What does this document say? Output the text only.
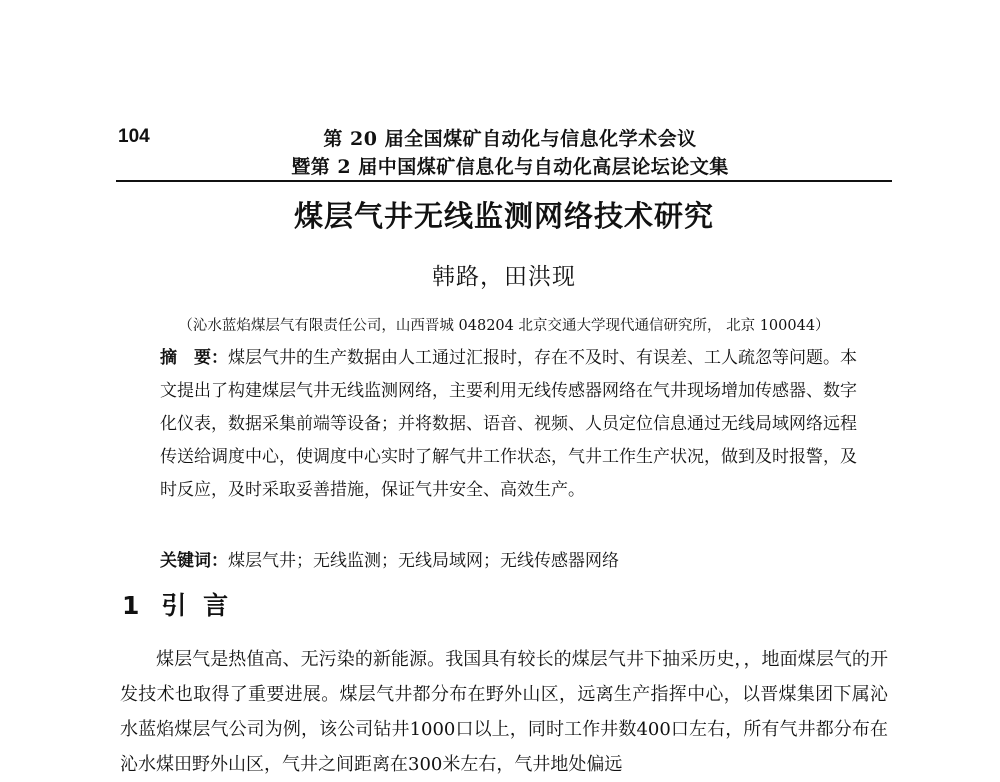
104	第 20 届全国煤矿自动化与信息化学术会议
暨第 2 届中国煤矿信息化与自动化高层论坛论文集
煤层气井无线监测网络技术研究
韩路，田洪现
（沁水蓝焰煤层气有限责任公司，山西晋城 048204 北京交通大学现代通信研究所， 北京 100044）
摘　要：煤层气井的生产数据由人工通过汇报时，存在不及时、有误差、工人疏忽等问题。本文提出了构建煤层气井无线监测网络，主要利用无线传感器网络在气井现场增加传感器、数字化仪表，数据采集前端等设备；并将数据、语音、视频、人员定位信息通过无线局域网络远程传送给调度中心，使调度中心实时了解气井工作状态，气井工作生产状况，做到及时报警，及时反应，及时采取妥善措施，保证气井安全、高效生产。
关键词：煤层气井；无线监测；无线局域网；无线传感器网络
1 引 言
煤层气是热值高、无污染的新能源。我国具有较长的煤层气井下抽采历史，，地面煤层气的开发技术也取得了重要进展。煤层气井都分布在野外山区，远离生产指挥中心，以晋煤集团下属沁水蓝焰煤层气公司为例，该公司钻井1000口以上，同时工作井数400口左右，所有气井都分布在沁水煤田野外山区，气井之间距离在300米左右，气井地处偏远
